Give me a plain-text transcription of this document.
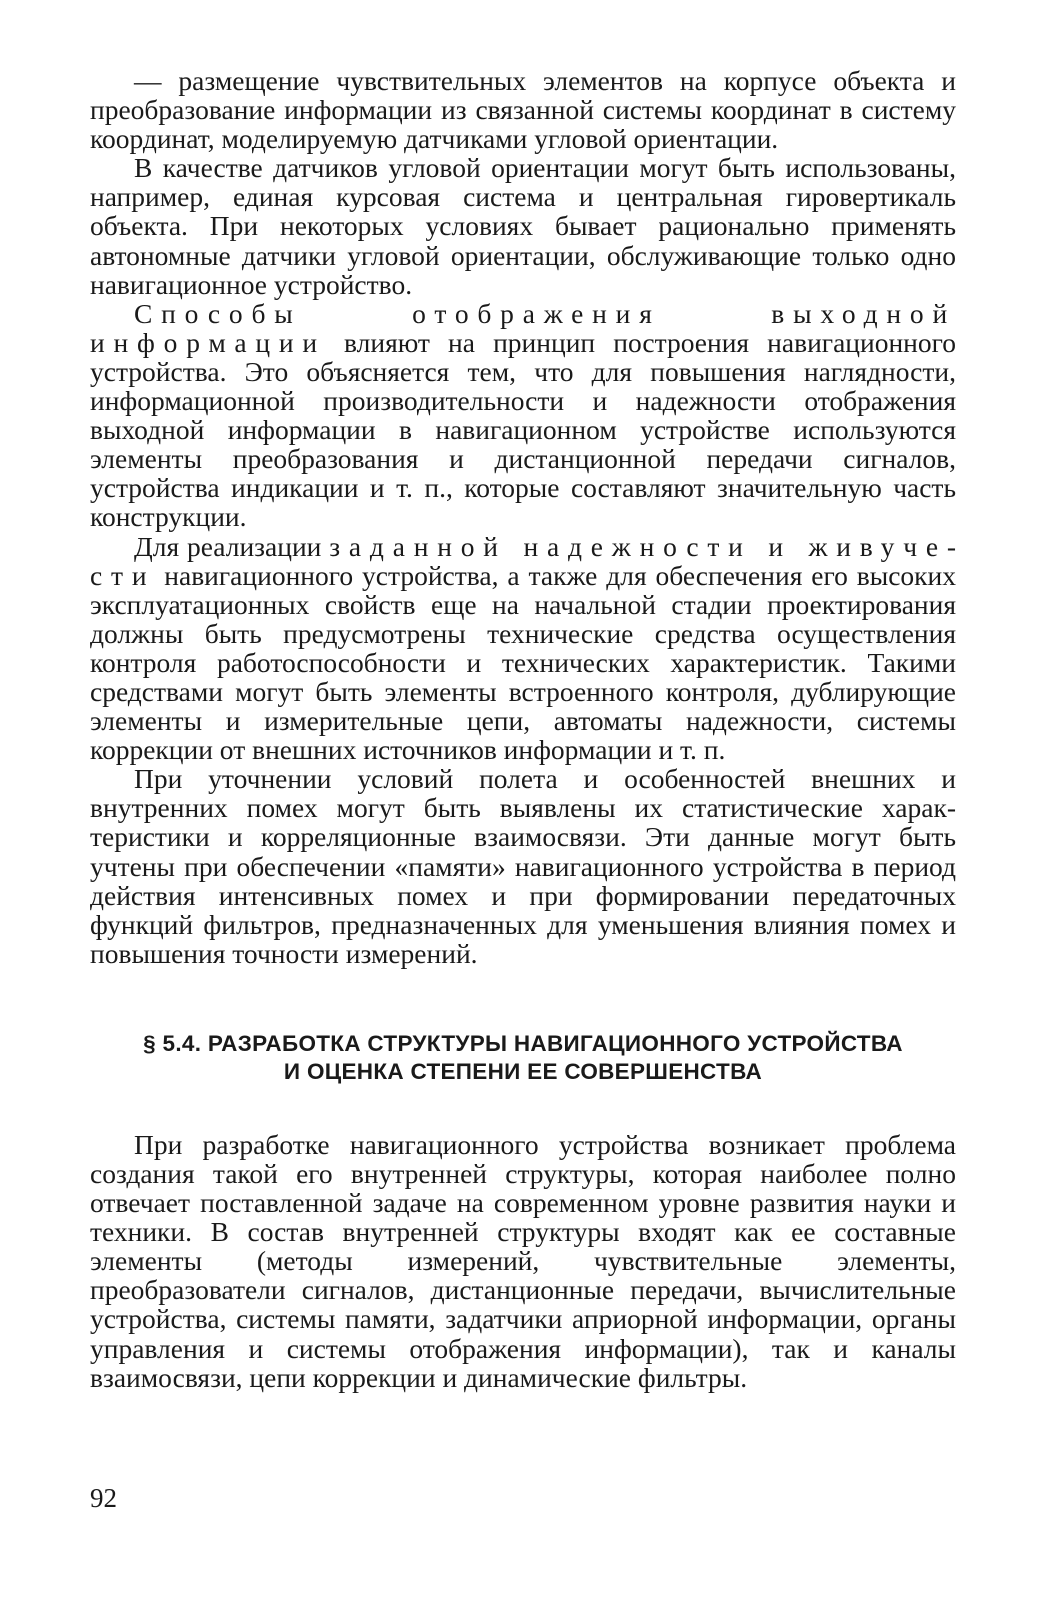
— размещение чувствительных элементов на корпусе объекта и преобразование информации из связанной системы координат в систему координат, моделируемую датчиками угловой ориентации.

В качестве датчиков угловой ориентации могут быть использованы, например, единая курсовая система и центральная гировертикаль объекта. При некоторых условиях бывает рационально применять автономные датчики угловой ориентации, обслуживающие только одно навигационное устройство.

Способы отображения выходной информации влияют на принцип построения навигационного устройства. Это объясняется тем, что для повышения наглядности, информационной производительности и надежности отображения выходной информации в навигационном устройстве используются элементы преобразования и дистанционной передачи сигналов, устройства индикации и т. п., которые составляют значительную часть конструкции.

Для реализации заданной надежности и живучести навигационного устройства, а также для обеспечения его высоких эксплуатационных свойств еще на начальной стадии проектирования должны быть предусмотрены технические средства осуществления контроля работоспособности и технических характеристик. Такими средствами могут быть элементы встроенного контроля, дублирующие элементы и измерительные цепи, автоматы надежности, системы коррекции от внешних источников информации и т. п.

При уточнении условий полета и особенностей внешних и внутренних помех могут быть выявлены их статистические характеристики и корреляционные взаимосвязи. Эти данные могут быть учтены при обеспечении «памяти» навигационного устройства в период действия интенсивных помех и при формировании передаточных функций фильтров, предназначенных для уменьшения влияния помех и повышения точности измерений.

§ 5.4. РАЗРАБОТКА СТРУКТУРЫ НАВИГАЦИОННОГО УСТРОЙСТВА
И ОЦЕНКА СТЕПЕНИ ЕЕ СОВЕРШЕНСТВА

При разработке навигационного устройства возникает проблема создания такой его внутренней структуры, которая наиболее полно отвечает поставленной задаче на современном уровне развития науки и техники. В состав внутренней структуры входят как ее составные элементы (методы измерений, чувствительные элементы, преобразователи сигналов, дистанционные передачи, вычислительные устройства, системы памяти, задатчики априорной информации, органы управления и системы отображения информации), так и каналы взаимосвязи, цепи коррекции и динамические фильтры.

92
